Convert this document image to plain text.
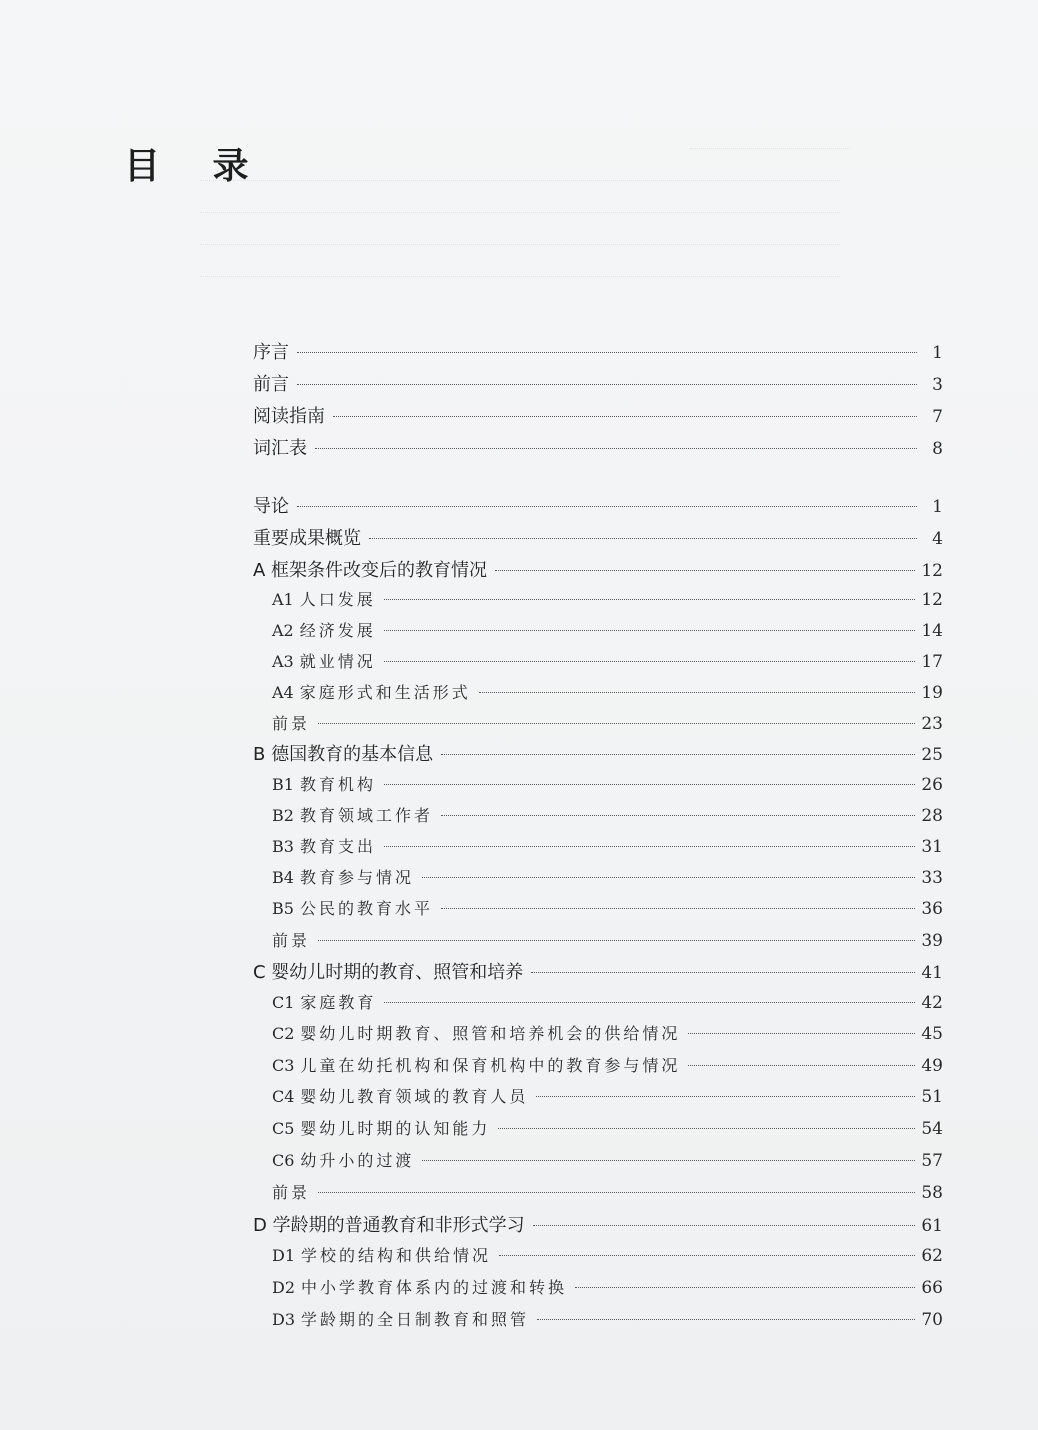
目 录
序言	1
前言	3
阅读指南	7
词汇表	8
导论	1
重要成果概览	4
A 框架条件改变后的教育情况	12
A1 人口发展	12
A2 经济发展	14
A3 就业情况	17
A4 家庭形式和生活形式	19
前景	23
B 德国教育的基本信息	25
B1 教育机构	26
B2 教育领域工作者	28
B3 教育支出	31
B4 教育参与情况	33
B5 公民的教育水平	36
前景	39
C 婴幼儿时期的教育、照管和培养	41
C1 家庭教育	42
C2 婴幼儿时期教育、照管和培养机会的供给情况	45
C3 儿童在幼托机构和保育机构中的教育参与情况	49
C4 婴幼儿教育领域的教育人员	51
C5 婴幼儿时期的认知能力	54
C6 幼升小的过渡	57
前景	58
D 学龄期的普通教育和非形式学习	61
D1 学校的结构和供给情况	62
D2 中小学教育体系内的过渡和转换	66
D3 学龄期的全日制教育和照管	70
